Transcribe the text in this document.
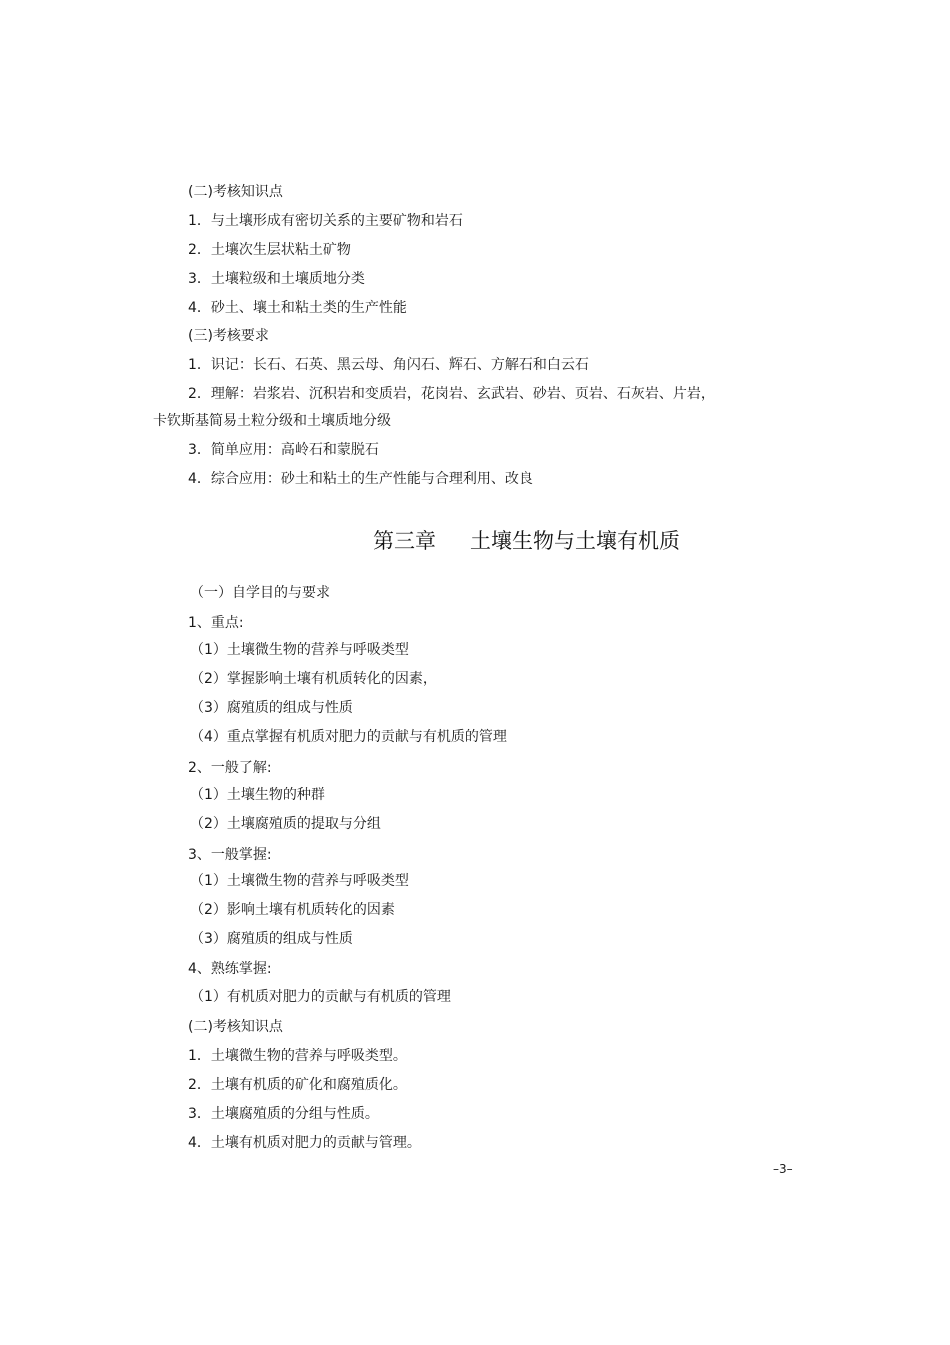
(二)考核知识点
1．与土壤形成有密切关系的主要矿物和岩石
2．土壤次生层状粘土矿物
3．土壤粒级和土壤质地分类
4．砂土、壤土和粘土类的生产性能
(三)考核要求
1．识记：长石、石英、黑云母、角闪石、辉石、方解石和白云石
2．理解：岩浆岩、沉积岩和变质岩，花岗岩、玄武岩、砂岩、页岩、石灰岩、片岩，
卡钦斯基简易土粒分级和土壤质地分级
3．简单应用：高岭石和蒙脱石
4．综合应用：砂土和粘土的生产性能与合理利用、改良
第三章 土壤生物与土壤有机质
（一）自学目的与要求
1、重点:
（1）土壤微生物的营养与呼吸类型
（2）掌握影响土壤有机质转化的因素，
（3）腐殖质的组成与性质
（4）重点掌握有机质对肥力的贡献与有机质的管理
2、一般了解:
（1）土壤生物的种群
（2）土壤腐殖质的提取与分组
3、一般掌握:
（1）土壤微生物的营养与呼吸类型
（2）影响土壤有机质转化的因素
（3）腐殖质的组成与性质
4、熟练掌握:
（1）有机质对肥力的贡献与有机质的管理
(二)考核知识点
1．土壤微生物的营养与呼吸类型。
2．土壤有机质的矿化和腐殖质化。
3．土壤腐殖质的分组与性质。
4．土壤有机质对肥力的贡献与管理。
–3–
